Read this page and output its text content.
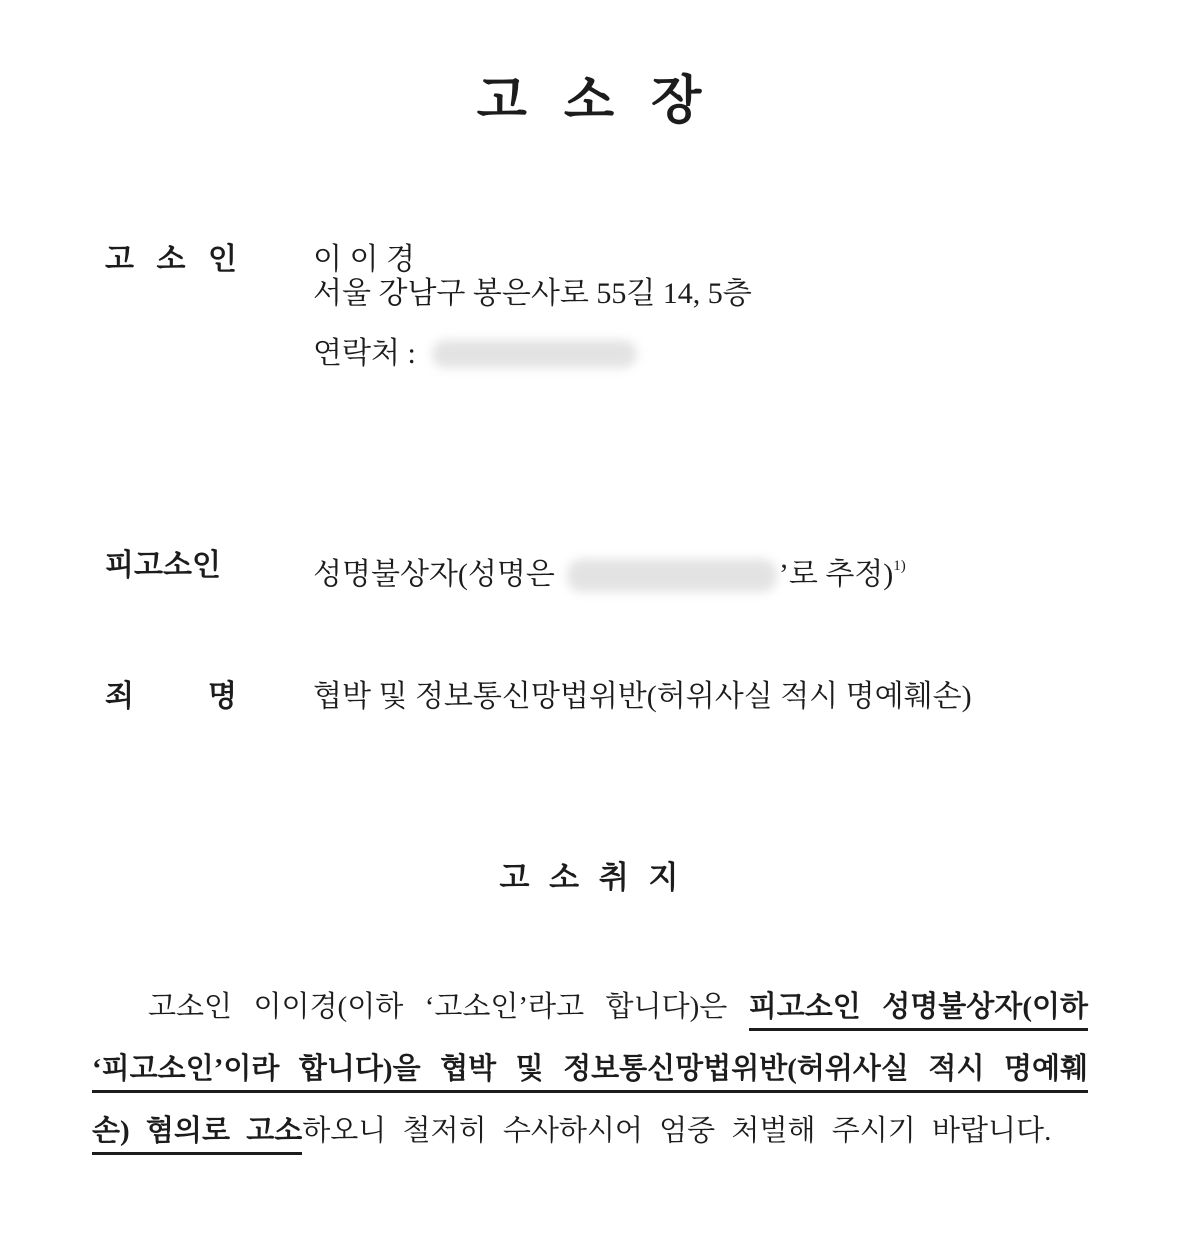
고 소 장
고 소 인	이 이 경
서울 강남구 봉은사로 55길 14, 5층
연락처 :
피고소인	성명불상자(성명은	’로 추정)$^{1)}$
죄 명	협박 및 정보통신망법위반(허위사실 적시 명예훼손)
고 소 취 지
고소인 이이경(이하 ‘고소인’라고 합니다)은 피고소인 성명불상자(이하
‘피고소인’이라 합니다)을 협박 및 정보통신망법위반(허위사실 적시 명예훼
손) 혐의로 고소하오니 철저히 수사하시어 엄중 처벌해 주시기 바랍니다.
